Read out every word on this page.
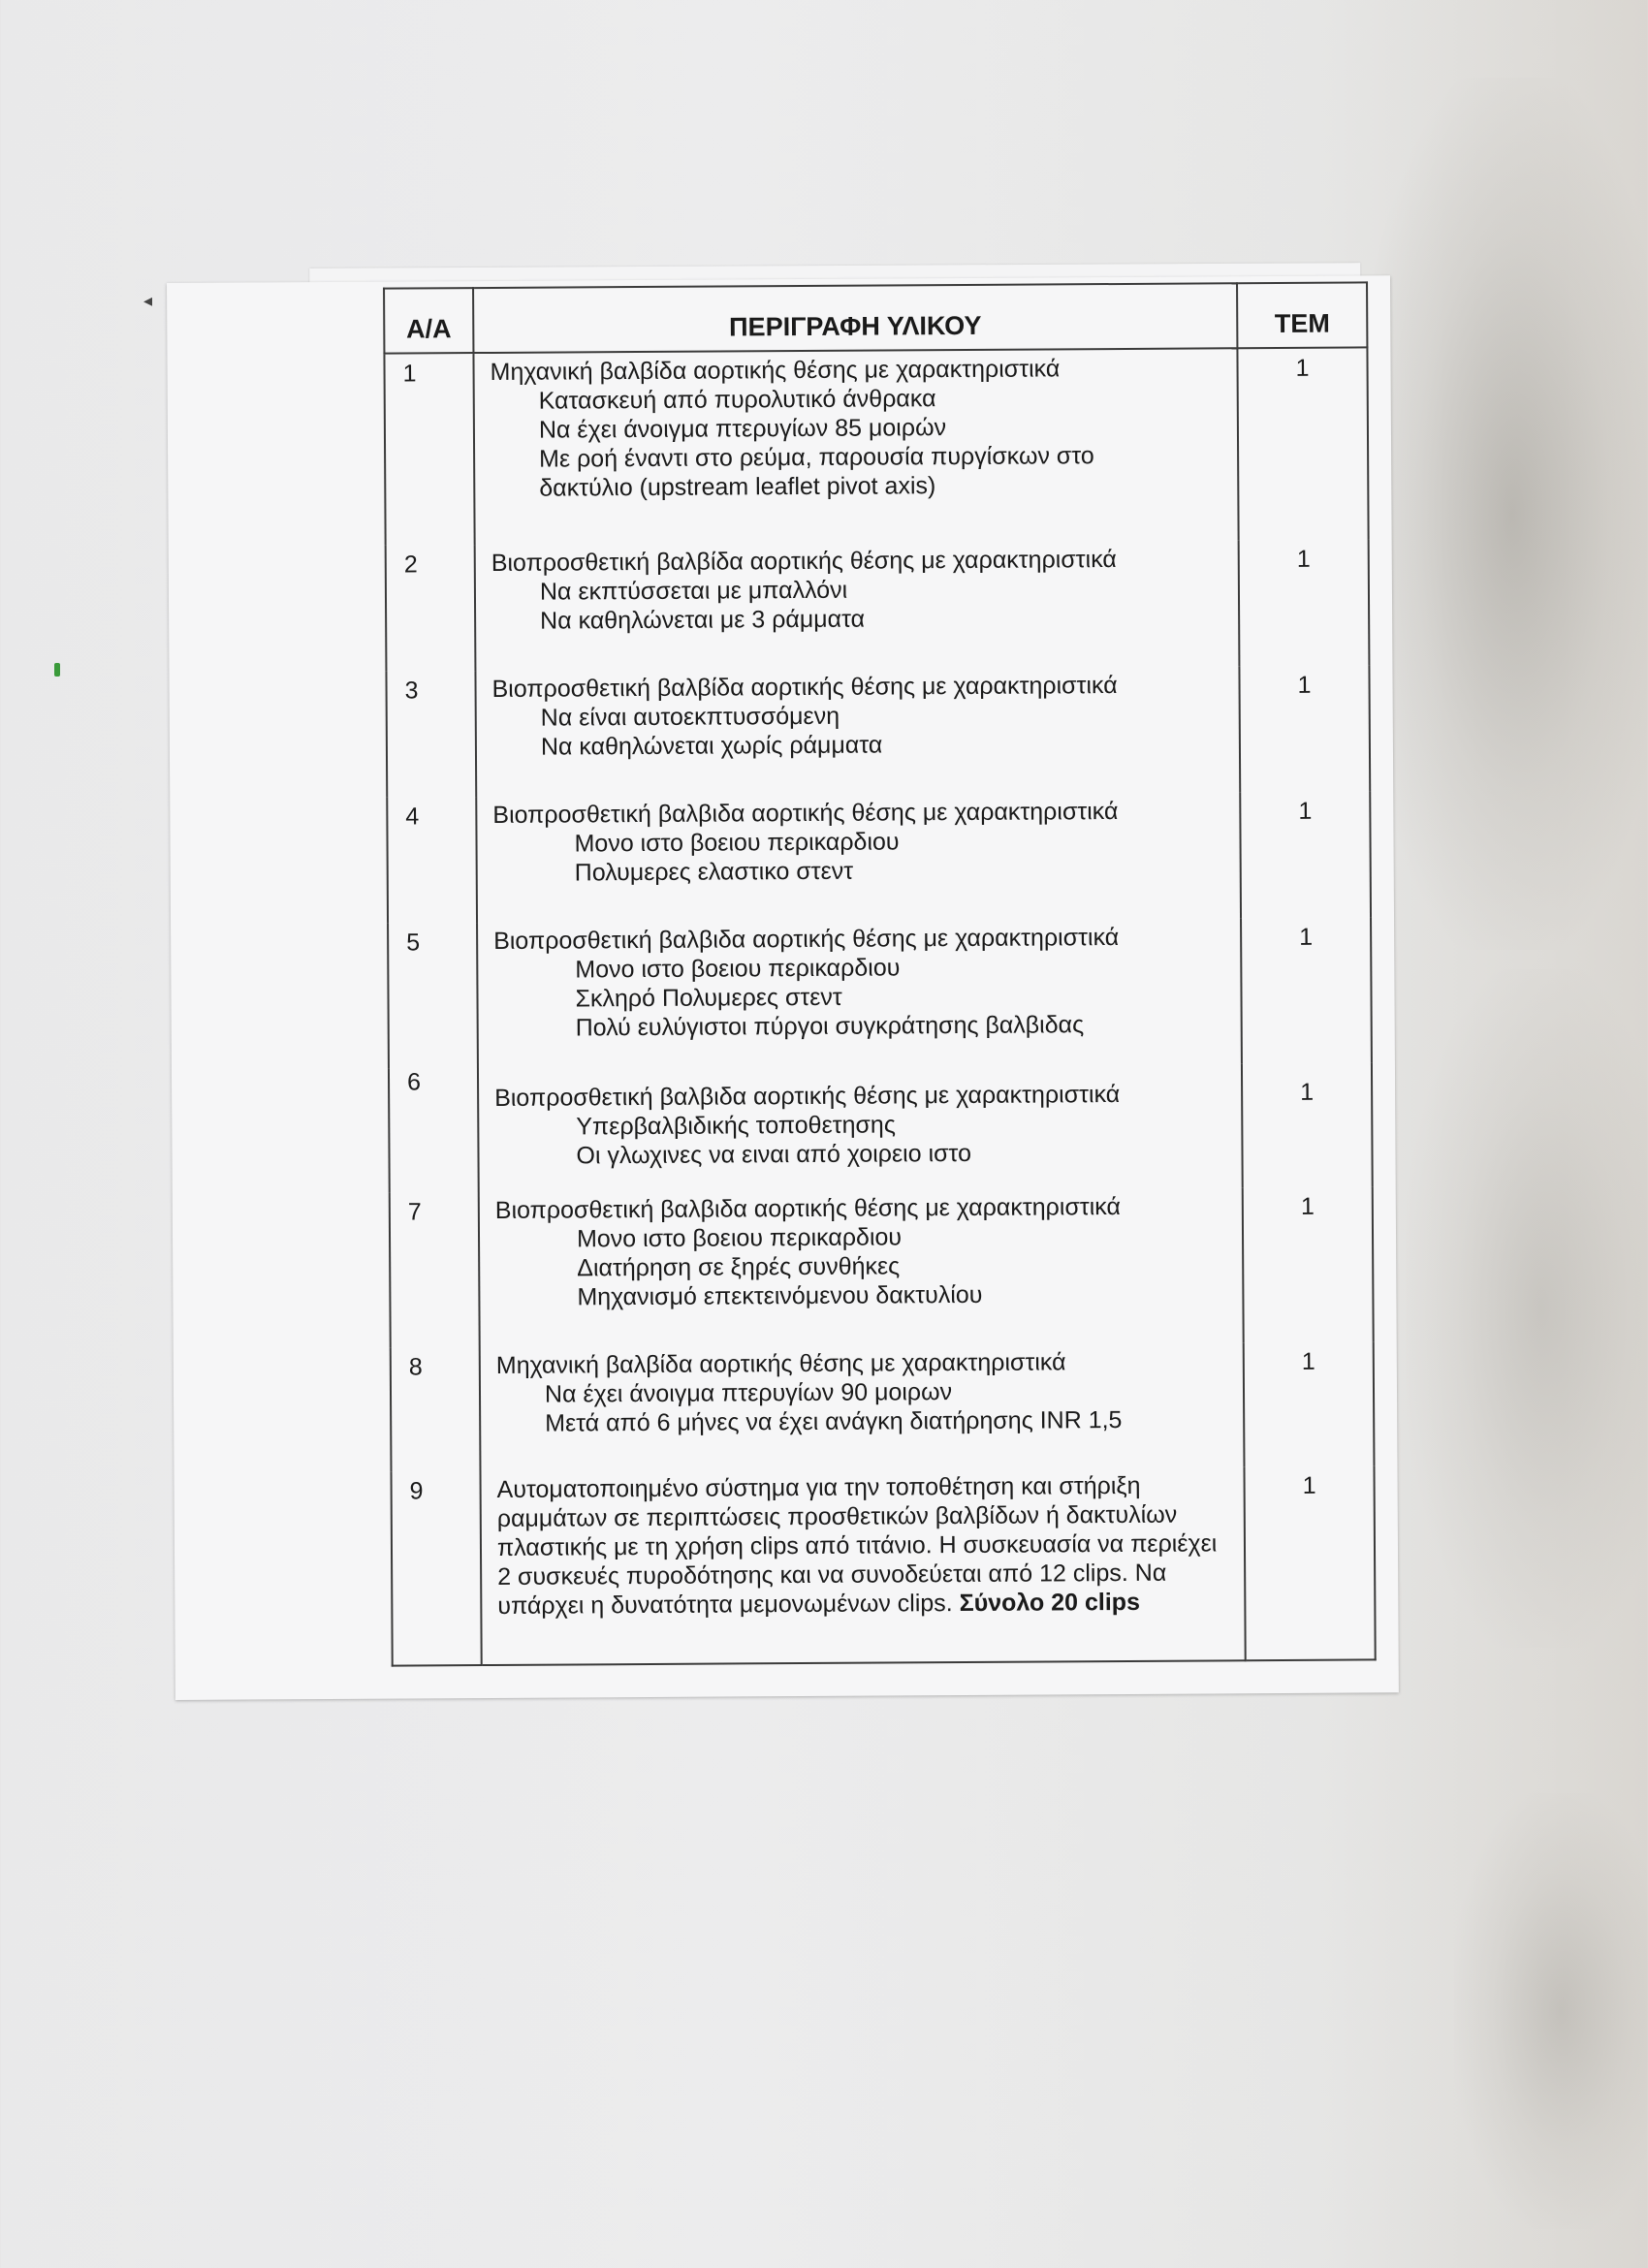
◂
Α/Α	ΠΕΡΙΓΡΑΦΗ ΥΛΙΚΟΥ	ΤΕΜ
1	Μηχανική βαλβίδα αορτικής θέσης με χαρακτηριστικά
Κατασκευή από πυρολυτικό άνθρακα
Να έχει άνοιγμα πτερυγίων 85 μοιρών
Με ροή έναντι στο ρεύμα, παρουσία πυργίσκων στο δακτύλιο (upstream leaflet pivot axis)	1
2	Βιοπροσθετική βαλβίδα αορτικής θέσης με χαρακτηριστικά
Να εκπτύσσεται με μπαλλόνι
Να καθηλώνεται με 3 ράμματα	1
3	Βιοπροσθετική βαλβίδα αορτικής θέσης με χαρακτηριστικά
Να είναι αυτοεκπτυσσόμενη
Να καθηλώνεται χωρίς ράμματα	1
4	Βιοπροσθετική βαλβιδα αορτικής θέσης με χαρακτηριστικά
Μονο ιστο βοειου περικαρδιου
Πολυμερες ελαστικο στεντ	1
5	Βιοπροσθετική βαλβιδα αορτικής θέσης με χαρακτηριστικά
Μονο ιστο βοειου περικαρδιου
Σκληρό Πολυμερες στεντ
Πολύ ευλύγιστοι πύργοι συγκράτησης βαλβιδας	1
6	Βιοπροσθετική βαλβιδα αορτικής θέσης με χαρακτηριστικά
Υπερβαλβιδικής τοποθετησης
Οι γλωχινες να ειναι από χοιρειο ιστο	1
7	Βιοπροσθετική βαλβιδα αορτικής θέσης με χαρακτηριστικά
Μονο ιστο βοειου περικαρδιου
Διατήρηση σε ξηρές συνθήκες
Μηχανισμό επεκτεινόμενου δακτυλίου	1
8	Μηχανική βαλβίδα αορτικής θέσης με χαρακτηριστικά
Να έχει άνοιγμα πτερυγίων 90 μοιρων
Μετά από 6 μήνες να έχει ανάγκη διατήρησης INR 1,5	1
9	Αυτοματοποιημένο σύστημα για την τοποθέτηση και στήριξη ραμμάτων σε περιπτώσεις προσθετικών βαλβίδων ή δακτυλίων πλαστικής με τη χρήση clips από τιτάνιο. Η συσκευασία να περιέχει 2 συσκευές πυροδότησης και να συνοδεύεται από 12 clips. Να υπάρχει η δυνατότητα μεμονωμένων clips. Σύνολο 20 clips	1
